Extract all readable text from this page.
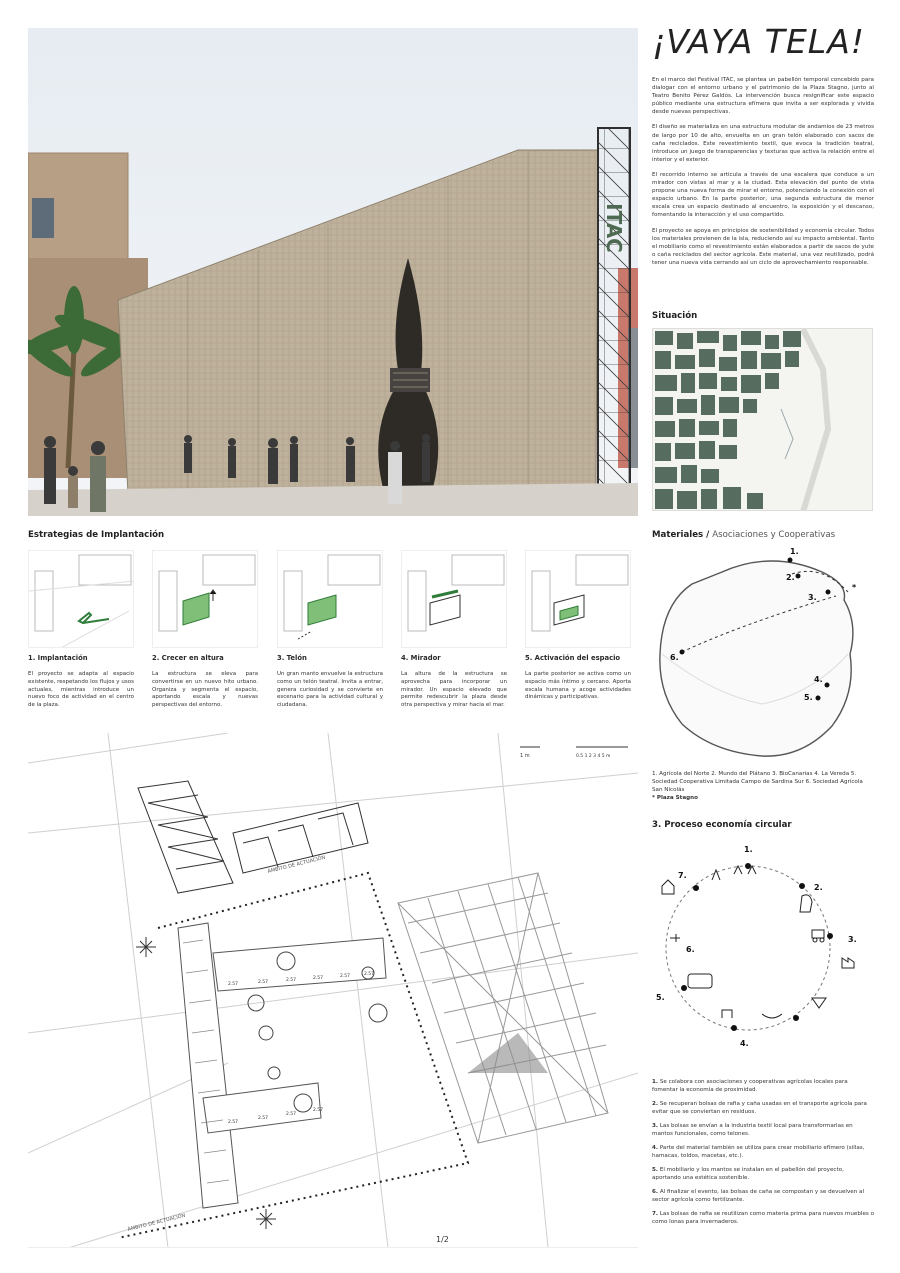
¡VAYA TELA!

En el marco del Festival ITAC, se plantea un pabellón temporal concebido para dialogar con el entorno urbano y el patrimonio de la Plaza Stagno, junto al Teatro Benito Pérez Galdós. La intervención busca resignificar este espacio público mediante una estructura efímera que invita a ser explorada y vivida desde nuevas perspectivas.

El diseño se materializa en una estructura modular de andamios de 23 metros de largo por 10 de alto, envuelta en un gran telón elaborado con sacos de caña reciclados. Este revestimiento textil, que evoca la tradición teatral, introduce un juego de transparencias y texturas que activa la relación entre el interior y el exterior.

El recorrido interno se articula a través de una escalera que conduce a un mirador con vistas al mar y a la ciudad. Esta elevación del punto de vista propone una nueva forma de mirar el entorno, potenciando la conexión con el espacio urbano. En la parte posterior, una segunda estructura de menor escala crea un espacio destinado al encuentro, la exposición y el descanso, fomentando la interacción y el uso compartido.

El proyecto se apoya en principios de sostenibilidad y economía circular. Todos los materiales provienen de la isla, reduciendo así su impacto ambiental. Tanto el mobiliario como el revestimiento están elaborados a partir de sacos de yute o caña reciclados del sector agrícola. Este material, una vez reutilizado, podrá tener una nueva vida cerrando así un ciclo de aprovechamiento responsable.

ITAC
Situación
Estrategias de Implantación
1. Implantación
El proyecto se adapta al espacio existente, respetando los flujos y usos actuales, mientras introduce un nuevo foco de actividad en el centro de la plaza.
2. Crecer en altura
La estructura se eleva para convertirse en un nuevo hito urbano. Organiza y segmenta el espacio, aportando escala y nuevas perspectivas del entorno.
3. Telón
Un gran manto envuelve la estructura como un telón teatral. Invita a entrar, genera curiosidad y se convierte en escenario para la actividad cultural y ciudadana.
4. Mirador
La altura de la estructura se aprovecha para incorporar un mirador. Un espacio elevado que permite redescubrir la plaza desde otra perspectiva y mirar hacia el mar.
5. Activación del espacio
La parte posterior se activa como un espacio más íntimo y cercano. Aporta escala humana y acoge actividades dinámicas y participativas.
Materiales / Asociaciones y Cooperativas
1.
2.
3.
4.
5.
6.
*
1. Agrícola del Norte 2. Mundo del Plátano 3. BioCanarias 4. La Vereda 5. Sociedad Cooperativa Limitada Campo de Sardina Sur 6. Sociedad Agrícola San Nicolás
* Plaza Stagno
3. Proceso economía circular
1.
2.
3.
4.
5.
6.
7.

1. Se colabora con asociaciones y cooperativas agrícolas locales para fomentar la economía de proximidad.

2. Se recuperan bolsas de rafia y caña usadas en el transporte agrícola para evitar que se conviertan en residuos.

3. Las bolsas se envían a la industria textil local para transformarlas en mantos funcionales, como telones.

4. Parte del material también se utiliza para crear mobiliario efímero (sillas, hamacas, toldos, macetas, etc.).

5. El mobiliario y los mantos se instalan en el pabellón del proyecto, aportando una estética sostenible.

6. Al finalizar el evento, las bolsas de caña se compostan y se devuelven al sector agrícola como fertilizante.

7. Las bolsas de rafia se reutilizan como materia prima para nuevos muebles o como lonas para invernaderos.

ÁMBITO DE ACTUACIÓN
ÁMBITO DE ACTUACIÓN
2.57	2.57	2.57	2.57	2.57	2.57
2.57
2.57
2.57
2.57
1 m	0.5 1 2 3 4 5 m
1/2
